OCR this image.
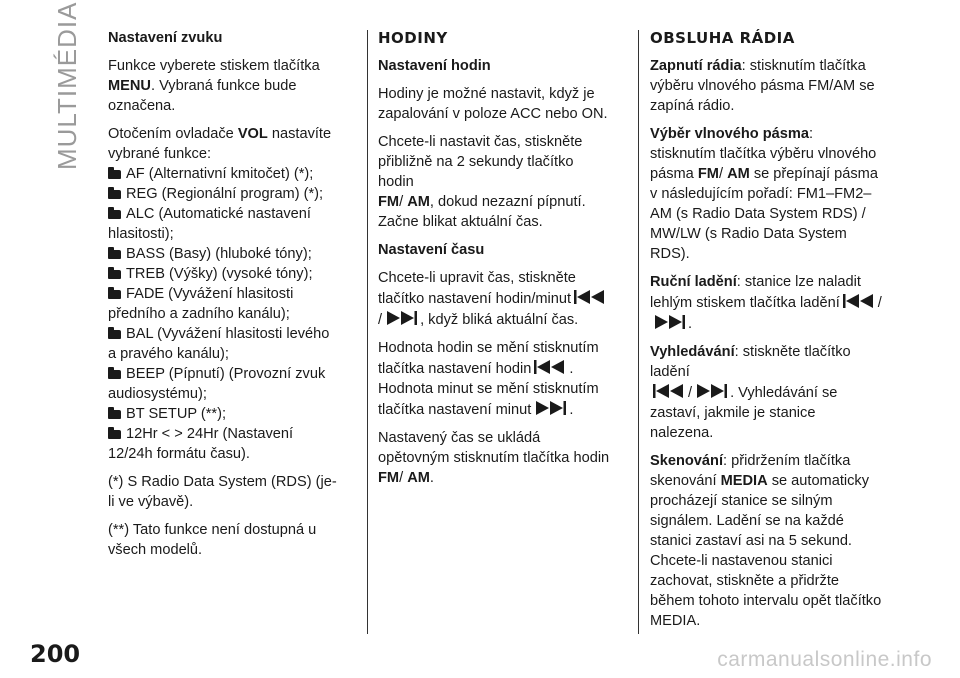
MULTIMÉDIA Nastavení zvuku

Funkce vyberete stiskem tlačítka
MENU. Vybraná funkce bude označena.

Otočením ovladače VOL nastavíte vybrané funkce:

AF (Alternativní kmitočet) (*);
REG (Regionální program) (*);
ALC (Automatické nastavení hlasitosti);
BASS (Basy) (hluboké tóny);
TREB (Výšky) (vysoké tóny);
FADE (Vyvážení hlasitosti předního a zadního kanálu);
BAL (Vyvážení hlasitosti levého a pravého kanálu);
BEEP (Pípnutí) (Provozní zvuk audiosystému);
BT SETUP (**);
12Hr < > 24Hr (Nastavení 12/24h formátu času).

(*) S Radio Data System (RDS) (je-li ve výbavě).

(**) Tato funkce není dostupná u všech modelů.

HODINY

Nastavení hodin

Hodiny je možné nastavit, když je zapalování v poloze ACC nebo ON.

Chcete-li nastavit čas, stiskněte přibližně na 2 sekundy tlačítko hodin
FM/ AM, dokud nezazní pípnutí. Začne blikat aktuální čas.

Nastavení času

Chcete-li upravit čas, stiskněte tlačítko nastavení hodin/minut
/	, když bliká aktuální čas.

Hodnota hodin se mění stisknutím tlačítka nastavení hodin	. Hodnota minut se mění stisknutím tlačítka nastavení minut	.

Nastavený čas se ukládá opětovným stisknutím tlačítka hodin FM/ AM.

OBSLUHA RÁDIA

Zapnutí rádia: stisknutím tlačítka výběru vlnového pásma FM/AM se zapíná rádio.

Výběr vlnového pásma: stisknutím tlačítka výběru vlnového pásma FM/ AM se přepínají pásma v následujícím pořadí: FM1–FM2–AM (s Radio Data System RDS) / MW/LW (s Radio Data System RDS).

Ruční ladění: stanice lze naladit lehlým stiskem tlačítka ladění	/
.

Vyhledávání: stiskněte tlačítko ladění

/	. Vyhledávání se zastaví, jakmile je stanice nalezena.

Skenování: přidržením tlačítka skenování MEDIA se automaticky procházejí stanice se silným signálem. Ladění se na každé stanici zastaví asi na 5 sekund. Chcete-li nastavenou stanici zachovat, stiskněte a přidržte během tohoto intervalu opět tlačítko MEDIA.

200	carmanualsonline.info
